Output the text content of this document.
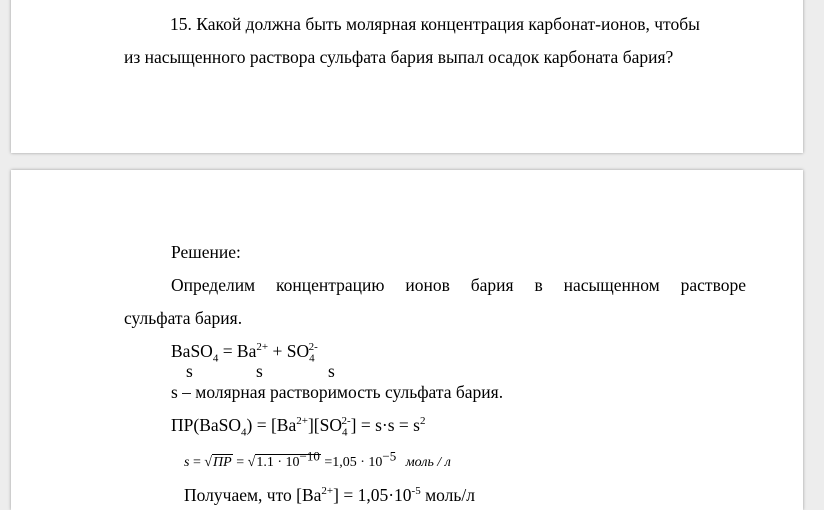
15. Какой должна быть молярная концентрация карбонат-ионов, чтобы
из насыщенного раствора сульфата бария выпал осадок карбоната бария?
Решение:
Определим концентрацию ионов бария в насыщенном растворе
сульфата бария.
BaSO$_4$ = $Ba^{2+} + SO_4^{2-}$
s	s	s
s – молярная растворимость сульфата бария.
ПР(BaSO$_4$) = $[Ba^{2+}][SO_4^{2-}] = s\cdot s = s^2$
$s = √ПР = √1.1 \cdot 10^{-10} =1,05 \cdot 10^{-5}$ моль / л
Получаем, что $[Ba^{2+}] = 1,05\cdot 10^{-5}$ моль/л
